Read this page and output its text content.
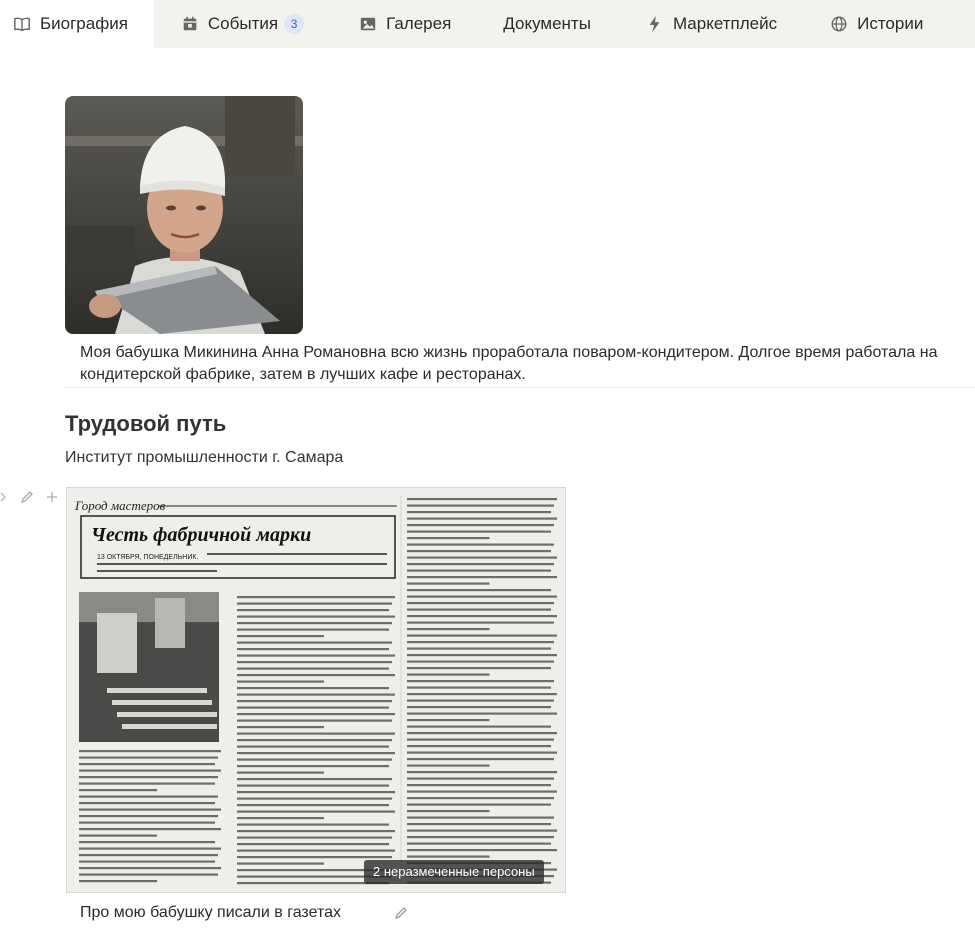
Биография	События	3	Галерея	Документы	Маркетплейс	Истории
Моя бабушка Микинина Анна Романовна всю жизнь проработала поваром-кондитером. Долгое время работала на кондитерской фабрике, затем в лучших кафе и ресторанах.
Трудовой путь
Институт промышленности г. Самара
Город мастеров
Честь фабричной марки
13 ОКТЯБРЯ, ПОНЕДЕЛЬНИК.
2 неразмеченные персоны
Про мою бабушку писали в газетах
